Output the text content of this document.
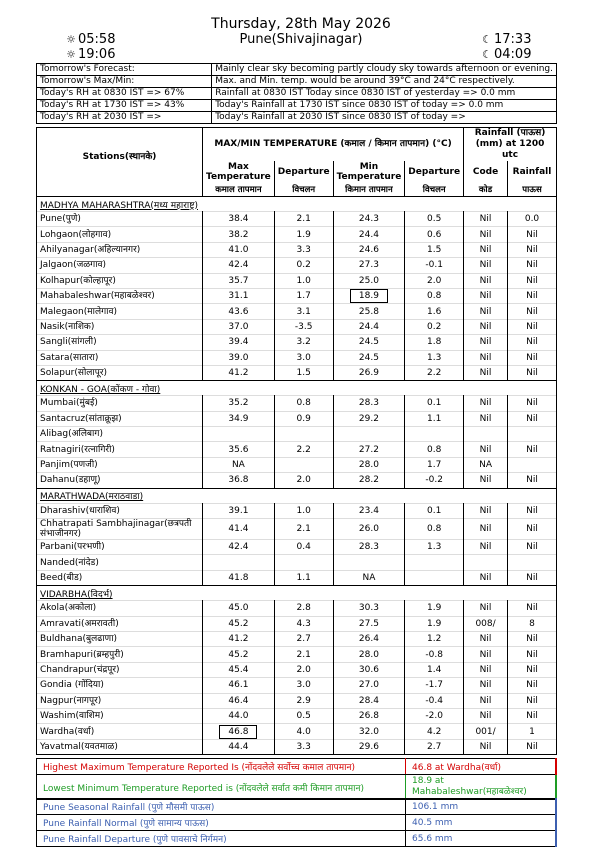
Thursday, 28th May 2026
Pune(Shivajinagar)
☼ 05:58
☼ 19:06
☾ 17:33
☾ 04:09
Tomorrow's Forecast:	Mainly clear sky becoming partly cloudy sky towards afternoon or evening.
Tomorrow's Max/Min:	Max. and Min. temp. would be around 39°C and 24°C respectively.
Today's RH at 0830 IST => 67%	Rainfall at 0830 IST Today since 0830 IST of yesterday => 0.0 mm
Today's RH at 1730 IST => 43%	Today's Rainfall at 1730 IST since 0830 IST of today => 0.0 mm
Today's RH at 2030 IST =>	Today's Rainfall at 2030 IST since 0830 IST of today =>
Stations(स्थानके)	MAX/MIN TEMPERATURE (कमाल / किमान तापमान) (°C)				Rainfall (पाऊस) (mm) at 1200 utc	
	Max Temperature	Departure	Min Temperature	Departure	Code	Rainfall
	कमाल तापमान	विचलन	किमान तापमान	विचलन	कोड	पाऊस
MADHYA MAHARASHTRA(मध्य महाराष्ट्र)						
Pune(पुणे)	38.4	2.1	24.3	0.5	Nil	0.0
Lohgaon(लोहगाव)	38.2	1.9	24.4	0.6	Nil	Nil
Ahilyanagar(अहिल्यानगर)	41.0	3.3	24.6	1.5	Nil	Nil
Jalgaon(जळगाव)	42.4	0.2	27.3	-0.1	Nil	Nil
Kolhapur(कोल्हापूर)	35.7	1.0	25.0	2.0	Nil	Nil
Mahabaleshwar(महाबळेश्वर)	31.1	1.7	18.9	0.8	Nil	Nil
Malegaon(मालेगाव)	43.6	3.1	25.8	1.6	Nil	Nil
Nasik(नाशिक)	37.0	-3.5	24.4	0.2	Nil	Nil
Sangli(सांगली)	39.4	3.2	24.5	1.8	Nil	Nil
Satara(सातारा)	39.0	3.0	24.5	1.3	Nil	Nil
Solapur(सोलापूर)	41.2	1.5	26.9	2.2	Nil	Nil
KONKAN - GOA(कोंकण - गोवा)						
Mumbai(मुंबई)	35.2	0.8	28.3	0.1	Nil	Nil
Santacruz(सांताक्रूझ)	34.9	0.9	29.2	1.1	Nil	Nil
Alibag(अलिबाग)						
Ratnagiri(रत्नागिरी)	35.6	2.2	27.2	0.8	Nil	Nil
Panjim(पणजी)	NA		28.0	1.7	NA	
Dahanu(डहाणू)	36.8	2.0	28.2	-0.2	Nil	Nil
MARATHWADA(मराठवाडा)						
Dharashiv(धाराशिव)	39.1	1.0	23.4	0.1	Nil	Nil
Chhatrapati Sambhajinagar(छत्रपती संभाजीनगर)	41.4	2.1	26.0	0.8	Nil	Nil
Parbani(परभणी)	42.4	0.4	28.3	1.3	Nil	Nil
Nanded(नांदेड)						
Beed(बीड)	41.8	1.1	NA		Nil	Nil
VIDARBHA(विदर्भ)						
Akola(अकोला)	45.0	2.8	30.3	1.9	Nil	Nil
Amravati(अमरावती)	45.2	4.3	27.5	1.9	008/	8
Buldhana(बुलढाणा)	41.2	2.7	26.4	1.2	Nil	Nil
Bramhapuri(ब्रम्हपुरी)	45.2	2.1	28.0	-0.8	Nil	Nil
Chandrapur(चंद्रपूर)	45.4	2.0	30.6	1.4	Nil	Nil
Gondia (गोंदिया)	46.1	3.0	27.0	-1.7	Nil	Nil
Nagpur(नागपूर)	46.4	2.9	28.4	-0.4	Nil	Nil
Washim(वाशिम)	44.0	0.5	26.8	-2.0	Nil	Nil
Wardha(वर्धा)	46.8	4.0	32.0	4.2	001/	1
Yavatmal(यवतमाळ)	44.4	3.3	29.6	2.7	Nil	Nil
Highest Maximum Temperature Reported Is (नोंदवलेले सर्वोच्च कमाल तापमान)	46.8 at Wardha(वर्धा)
Lowest Minimum Temperature Reported is (नोंदवलेले सर्वात कमी किमान तापमान)	18.9 at Mahabaleshwar(महाबळेश्वर)
Pune Seasonal Rainfall (पुणे मौसमी पाऊस)	106.1 mm
Pune Rainfall Normal (पुणे सामान्य पाऊस)	40.5 mm
Pune Rainfall Departure (पुणे पावसाचे निर्गमन)	65.6 mm
